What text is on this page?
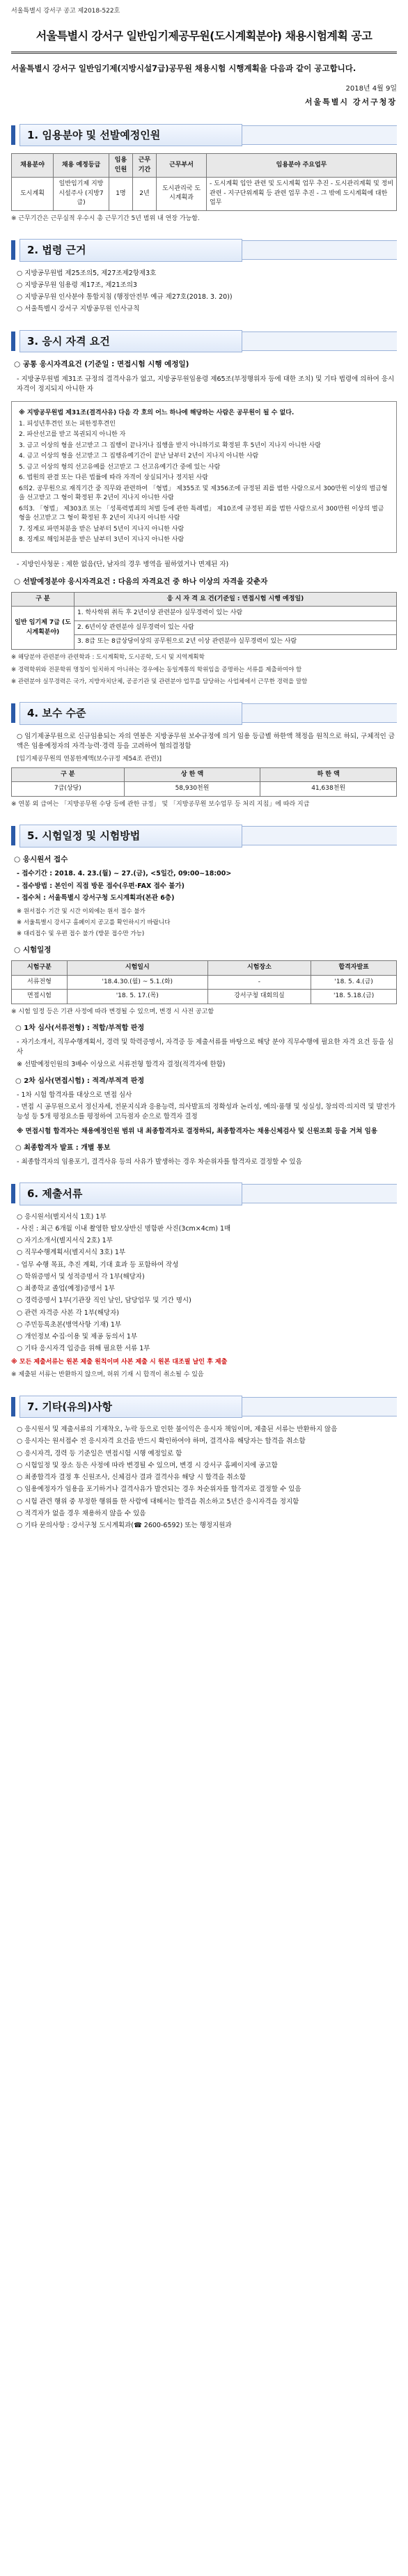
서울특별시 강서구 공고 제2018-522호
서울특별시 강서구 일반임기제공무원(도시계획분야) 채용시험계획 공고
서울특별시 강서구 일반임기제(지방시설7급)공무원 채용시험 시행계획을 다음과 같이 공고합니다.
2018년 4월 9일
서울특별시 강서구청장
1. 임용분야 및 선발예정인원
채용분야	채용 예정등급	임용 인원	근무 기간	근무부서	임용분야 주요업무
도시계획	일반임기제 지방시설주사 (지방7급)	1명	2년	도시관리국 도시계획과	- 도시계획 입안 관련 및 도시계획 업무 추진 - 도시관리계획 및 정비 관련 - 지구단위계획 등 관련 업무 추진 - 그 밖에 도시계획에 대한 업무
※ 근무기간은 근무실적 우수시 총 근무기간 5년 범위 내 연장 가능함.
2. 법령 근거

○ 지방공무원법 제25조의5, 제27조제2항제3호

○ 지방공무원 임용령 제17조, 제21조의3

○ 지방공무원 인사분야 통합지침 (행정안전부 예규 제27호(2018. 3. 20))

○ 서울특별시 강서구 지방공무원 인사규칙

3. 응시 자격 요건
○ 공통 응시자격요건 (기준일 : 면접시험 시행 예정일)

- 지방공무원법 제31조 규정의 결격사유가 없고, 지방공무원임용령 제65조(부정행위자 등에 대한 조치) 및 기타 법령에 의하여 응시자격이 정지되지 아니한 자

※ 지방공무원법 제31조(결격사유) 다음 각 호의 어느 하나에 해당하는 사람은 공무원이 될 수 없다.

1. 피성년후견인 또는 피한정후견인

2. 파산선고를 받고 복권되지 아니한 자

3. 금고 이상의 형을 선고받고 그 집행이 끝나거나 집행을 받지 아니하기로 확정된 후 5년이 지나지 아니한 사람

4. 금고 이상의 형을 선고받고 그 집행유예기간이 끝난 날부터 2년이 지나지 아니한 사람

5. 금고 이상의 형의 선고유예를 선고받고 그 선고유예기간 중에 있는 사람

6. 법원의 판결 또는 다른 법률에 따라 자격이 상실되거나 정지된 사람

6의2. 공무원으로 재직기간 중 직무와 관련하여 「형법」 제355조 및 제356조에 규정된 죄를 범한 사람으로서 300만원 이상의 벌금형을 선고받고 그 형이 확정된 후 2년이 지나지 아니한 사람

6의3. 「형법」 제303조 또는 「성폭력범죄의 처벌 등에 관한 특례법」 제10조에 규정된 죄를 범한 사람으로서 300만원 이상의 벌금형을 선고받고 그 형이 확정된 후 2년이 지나지 아니한 사람

7. 징계로 파면처분을 받은 날부터 5년이 지나지 아니한 사람

8. 징계로 해임처분을 받은 날부터 3년이 지나지 아니한 사람

- 지방인사청문 : 제한 없음(단, 남자의 경우 병역을 필하였거나 면제된 자)

○ 선발예정분야 응시자격요건 : 다음의 자격요건 중 하나 이상의 자격을 갖춘자
구 분	응 시 자 격 요 건(기준일 : 면접시험 시행 예정일)
일반 임기제 7급 (도시계획분야)	1. 학사학위 취득 후 2년이상 관련분야 실무경력이 있는 사람
	2. 6년이상 관련분야 실무경력이 있는 사람
	3. 8급 또는 8급상당이상의 공무원으로 2년 이상 관련분야 실무경력이 있는 사람
※ 해당분야 관련분야 관련학과 : 도시계획학, 도시공학, 도시 및 지역계획학
※ 경력학위와 전문학위 명칭이 일치하지 아니하는 경우에는 동일계통의 학위임을 증명하는 서류를 제출하여야 함
※ 관련분야 실무경력은 국가, 지방자치단체, 공공기관 및 관련분야 업무를 담당하는 사업체에서 근무한 경력을 말함
4. 보수 수준

○ 임기제공무원으로 신규임용되는 자의 연봉은 지방공무원 보수규정에 의거 임용 등급별 하한액 책정을 원칙으로 하되, 구체적인 금액은 임용예정자의 자격·능력·경력 등을 고려하여 협의결정함

[임기제공무원의 연봉한계액(보수규정 제54조 관련)]
구 분	상 한 액	하 한 액
7급(상당)	58,930천원	41,638천원
※ 연봉 외 급여는 「지방공무원 수당 등에 관한 규정」 및 「지방공무원 보수업무 등 처리 지침」에 따라 지급
5. 시험일정 및 시험방법
○ 응시원서 접수

- 접수기간 : 2018. 4. 23.(월) ~ 27.(금), <5일간, 09:00~18:00>

- 접수방법 : 본인이 직접 방문 접수(우편·FAX 접수 불가)

- 접수처 : 서울특별시 강서구청 도시계획과(본관 6층)

※ 원서접수 기간 및 시간 이외에는 원서 접수 불가

※ 서울특별시 강서구 홈페이지 공고를 확인하시기 바랍니다

※ 대리접수 및 우편 접수 불가 (방문 접수만 가능)

○ 시험일정
시험구분	시험일시	시험장소	합격자발표
서류전형	'18.4.30.(월) ~ 5.1.(화)	-	'18. 5. 4.(금)
면접시험	'18. 5. 17.(목)	강서구청 대회의실	'18. 5.18.(금)
※ 시험 일정 등은 기관 사정에 따라 변경될 수 있으며, 변경 시 사전 공고함
○ 1차 심사(서류전형) : 적합/부적합 판정

- 자기소개서, 직무수행계획서, 경력 및 학력증명서, 자격증 등 제출서류를 바탕으로 해당 분야 직무수행에 필요한 자격 요건 등을 심사

※ 선발예정인원의 3배수 이상으로 서류전형 합격자 결정(적격자에 한함)

○ 2차 심사(면접시험) : 적격/부적격 판정

- 1차 시험 합격자를 대상으로 면접 심사

- 면접 시 공무원으로서 정신자세, 전문지식과 응용능력, 의사발표의 정확성과 논리성, 예의·품행 및 성실성, 창의력·의지력 및 발전가능성 등 5개 평정요소를 평정하여 고득점자 순으로 합격자 결정

※ 면접시험 합격자는 채용예정인원 범위 내 최종합격자로 결정하되, 최종합격자는 채용신체검사 및 신원조회 등을 거쳐 임용

○ 최종합격자 발표 : 개별 통보

- 최종합격자의 임용포기, 결격사유 등의 사유가 발생하는 경우 차순위자를 합격자로 결정할 수 있음

6. 제출서류

○ 응시원서(별지서식 1호) 1부

- 사진 : 최근 6개월 이내 촬영한 탈모상반신 명함판 사진(3cm×4cm) 1매

○ 자기소개서(별지서식 2호) 1부

○ 직무수행계획서(별지서식 3호) 1부

- 업무 수행 목표, 추진 계획, 기대 효과 등 포함하여 작성

○ 학위증명서 및 성적증명서 각 1부(해당자)

○ 최종학교 졸업(예정)증명서 1부

○ 경력증명서 1부(기관장 직인 날인, 담당업무 및 기간 명시)

○ 관련 자격증 사본 각 1부(해당자)

○ 주민등록초본(병역사항 기재) 1부

○ 개인정보 수집·이용 및 제공 동의서 1부

○ 기타 응시자격 입증을 위해 필요한 서류 1부

※ 모든 제출서류는 원본 제출 원칙이며 사본 제출 시 원본 대조필 날인 후 제출
※ 제출된 서류는 반환하지 않으며, 허위 기재 시 합격이 취소될 수 있음
7. 기타(유의)사항

○ 응시원서 및 제출서류의 기재착오, 누락 등으로 인한 불이익은 응시자 책임이며, 제출된 서류는 반환하지 않음

○ 응시자는 원서접수 전 응시자격 요건을 반드시 확인하여야 하며, 결격사유 해당자는 합격을 취소함

○ 응시자격, 경력 등 기준일은 면접시험 시행 예정일로 함

○ 시험일정 및 장소 등은 사정에 따라 변경될 수 있으며, 변경 시 강서구 홈페이지에 공고함

○ 최종합격자 결정 후 신원조사, 신체검사 결과 결격사유 해당 시 합격을 취소함

○ 임용예정자가 임용을 포기하거나 결격사유가 발견되는 경우 차순위자를 합격자로 결정할 수 있음

○ 시험 관련 행위 중 부정한 행위를 한 사람에 대해서는 합격을 취소하고 5년간 응시자격을 정지함

○ 적격자가 없을 경우 채용하지 않을 수 있음

○ 기타 문의사항 : 강서구청 도시계획과(☎ 2600-6592) 또는 행정지원과
